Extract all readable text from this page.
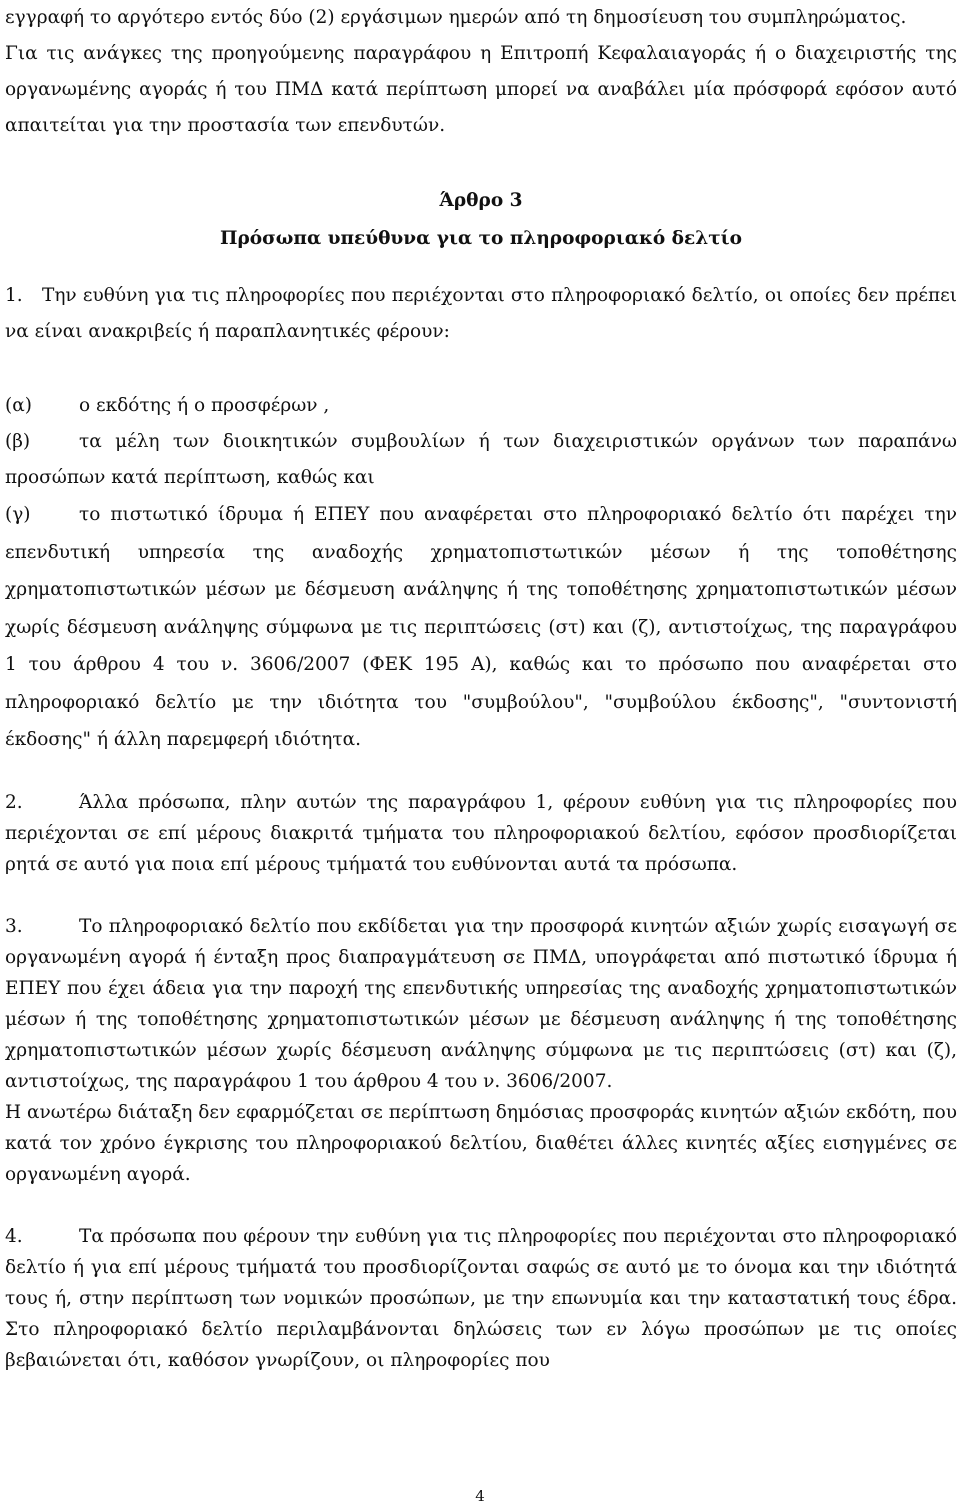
εγγραφή το αργότερο εντός δύο (2) εργάσιμων ημερών από τη δημοσίευση του συμπληρώματος.

Για τις ανάγκες της προηγούμενης παραγράφου η Επιτροπή Κεφαλαιαγοράς ή ο διαχειριστής της οργανωμένης αγοράς ή του ΠΜΔ κατά περίπτωση μπορεί να αναβάλει μία πρόσφορά εφόσον αυτό απαιτείται για την προστασία των επενδυτών.

Άρθρο 3
Πρόσωπα υπεύθυνα για το πληροφοριακό δελτίο

1. Την ευθύνη για τις πληροφορίες που περιέχονται στο πληροφοριακό δελτίο, οι οποίες δεν πρέπει να είναι ανακριβείς ή παραπλανητικές φέρουν:

(α)	ο εκδότης ή ο προσφέρων ,

(β)	τα μέλη των διοικητικών συμβουλίων ή των διαχειριστικών οργάνων των παραπάνω προσώπων κατά περίπτωση, καθώς και

(γ)	το πιστωτικό ίδρυμα ή ΕΠΕΥ που αναφέρεται στο πληροφοριακό δελτίο ότι παρέχει την επενδυτική υπηρεσία της αναδοχής χρηματοπιστωτικών μέσων ή της τοποθέτησης χρηματοπιστωτικών μέσων με δέσμευση ανάληψης ή της τοποθέτησης χρηματοπιστωτικών μέσων χωρίς δέσμευση ανάληψης σύμφωνα με τις περιπτώσεις (στ) και (ζ), αντιστοίχως, της παραγράφου 1 του άρθρου 4 του ν. 3606/2007 (ΦΕΚ 195 Α), καθώς και το πρόσωπο που αναφέρεται στο πληροφοριακό δελτίο με την ιδιότητα του "συμβούλου", "συμβούλου έκδοσης", "συντονιστή έκδοσης" ή άλλη παρεμφερή ιδιότητα.

2.	Άλλα πρόσωπα, πλην αυτών της παραγράφου 1, φέρουν ευθύνη για τις πληροφορίες που περιέχονται σε επί μέρους διακριτά τμήματα του πληροφοριακού δελτίου, εφόσον προσδιορίζεται ρητά σε αυτό για ποια επί μέρους τμήματά του ευθύνονται αυτά τα πρόσωπα.

3.	Το πληροφοριακό δελτίο που εκδίδεται για την προσφορά κινητών αξιών χωρίς εισαγωγή σε οργανωμένη αγορά ή ένταξη προς διαπραγμάτευση σε ΠΜΔ, υπογράφεται από πιστωτικό ίδρυμα ή ΕΠΕΥ που έχει άδεια για την παροχή της επενδυτικής υπηρεσίας της αναδοχής χρηματοπιστωτικών μέσων ή της τοποθέτησης χρηματοπιστωτικών μέσων με δέσμευση ανάληψης ή της τοποθέτησης χρηματοπιστωτικών μέσων χωρίς δέσμευση ανάληψης σύμφωνα με τις περιπτώσεις (στ) και (ζ), αντιστοίχως, της παραγράφου 1 του άρθρου 4 του ν. 3606/2007.

Η ανωτέρω διάταξη δεν εφαρμόζεται σε περίπτωση δημόσιας προσφοράς κινητών αξιών εκδότη, που κατά τον χρόνο έγκρισης του πληροφοριακού δελτίου, διαθέτει άλλες κινητές αξίες εισηγμένες σε οργανωμένη αγορά.

4.	Τα πρόσωπα που φέρουν την ευθύνη για τις πληροφορίες που περιέχονται στο πληροφοριακό δελτίο ή για επί μέρους τμήματά του προσδιορίζονται σαφώς σε αυτό με το όνομα και την ιδιότητά τους ή, στην περίπτωση των νομικών προσώπων, με την επωνυμία και την καταστατική τους έδρα. Στο πληροφοριακό δελτίο περιλαμβάνονται δηλώσεις των εν λόγω προσώπων με τις οποίες βεβαιώνεται ότι, καθόσον γνωρίζουν, οι πληροφορίες που

4
